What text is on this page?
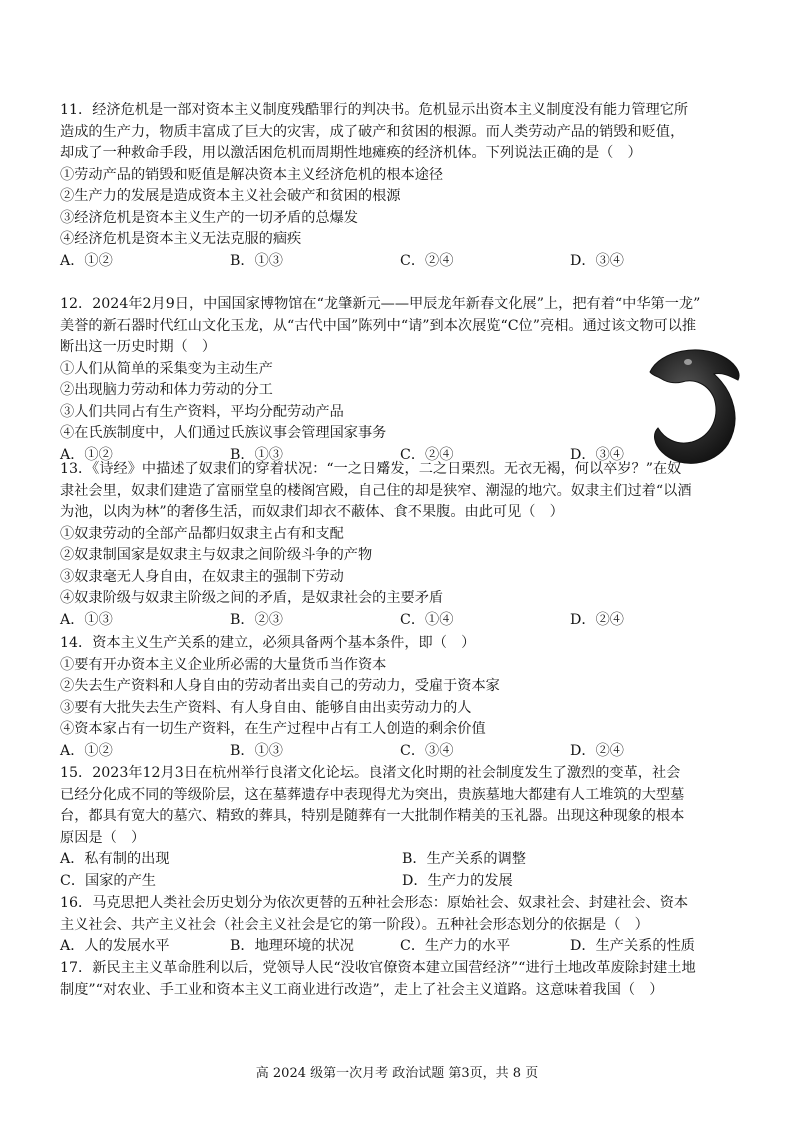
11．经济危机是一部对资本主义制度残酷罪行的判决书。危机显示出资本主义制度没有能力管理它所
造成的生产力，物质丰富成了巨大的灾害，成了破产和贫困的根源。而人类劳动产品的销毁和贬值，
却成了一种救命手段，用以激活困危机而周期性地瘫痪的经济机体。下列说法正确的是（　）
①劳动产品的销毁和贬值是解决资本主义经济危机的根本途径
②生产力的发展是造成资本主义社会破产和贫困的根源
③经济危机是资本主义生产的一切矛盾的总爆发
④经济危机是资本主义无法克服的痼疾
A．①②	B．①③	C．②④	D．③④
12．2024年2月9日，中国国家博物馆在“龙肇新元——甲辰龙年新春文化展”上，把有着“中华第一龙”
美誉的新石器时代红山文化玉龙，从“古代中国”陈列中“请”到本次展览“C位”亮相。通过该文物可以推
断出这一历史时期（　）
①人们从简单的采集变为主动生产
②出现脑力劳动和体力劳动的分工
③人们共同占有生产资料，平均分配劳动产品
④在氏族制度中，人们通过氏族议事会管理国家事务
A．①②	B．①③	C．②④	D．③④
13．《诗经》中描述了奴隶们的穿着状况：“一之日觱发，二之日栗烈。无衣无褐，何以卒岁？”在奴
隶社会里，奴隶们建造了富丽堂皇的楼阁宫殿，自己住的却是狭窄、潮湿的地穴。奴隶主们过着“以酒
为池，以肉为林”的奢侈生活，而奴隶们却衣不蔽体、食不果腹。由此可见（　）
①奴隶劳动的全部产品都归奴隶主占有和支配
②奴隶制国家是奴隶主与奴隶之间阶级斗争的产物
③奴隶毫无人身自由，在奴隶主的强制下劳动
④奴隶阶级与奴隶主阶级之间的矛盾，是奴隶社会的主要矛盾
A．①③	B．②③	C．①④	D．②④
14．资本主义生产关系的建立，必须具备两个基本条件，即（　）
①要有开办资本主义企业所必需的大量货币当作资本
②失去生产资料和人身自由的劳动者出卖自己的劳动力，受雇于资本家
③要有大批失去生产资料、有人身自由、能够自由出卖劳动力的人
④资本家占有一切生产资料，在生产过程中占有工人创造的剩余价值
A．①②	B．①③	C．③④	D．②④
15．2023年12月3日在杭州举行良渚文化论坛。良渚文化时期的社会制度发生了激烈的变革，社会
已经分化成不同的等级阶层，这在墓葬遗存中表现得尤为突出，贵族墓地大都建有人工堆筑的大型墓
台，都具有宽大的墓穴、精致的葬具，特别是随葬有一大批制作精美的玉礼器。出现这种现象的根本
原因是（　）
A．私有制的出现	B．生产关系的调整
C．国家的产生	D．生产力的发展
16．马克思把人类社会历史划分为依次更替的五种社会形态：原始社会、奴隶社会、封建社会、资本
主义社会、共产主义社会（社会主义社会是它的第一阶段）。五种社会形态划分的依据是（　）
A．人的发展水平	B．地理环境的状况	C．生产力的水平	D．生产关系的性质
17．新民主主义革命胜利以后，党领导人民“没收官僚资本建立国营经济”“进行土地改革废除封建土地
制度”“对农业、手工业和资本主义工商业进行改造”，走上了社会主义道路。这意味着我国（　）
高 2024 级第一次月考 政治试题 第3页，共 8 页
